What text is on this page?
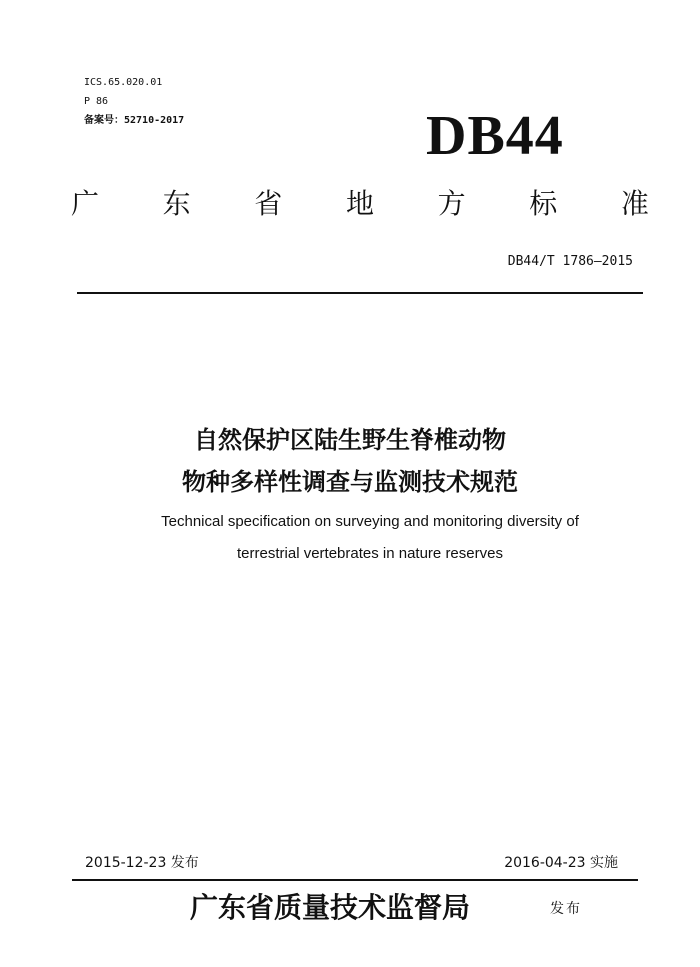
ICS.65.020.01
P 86
备案号：52710-2017	DB44
广 东 省 地 方 标 准
DB44/T 1786—2015
自然保护区陆生野生脊椎动物
物种多样性调查与监测技术规范
Technical specification on surveying and monitoring diversity of
terrestrial vertebrates in nature reserves
2015-12-23 发布	2016-04-23 实施
广东省质量技术监督局	发布
